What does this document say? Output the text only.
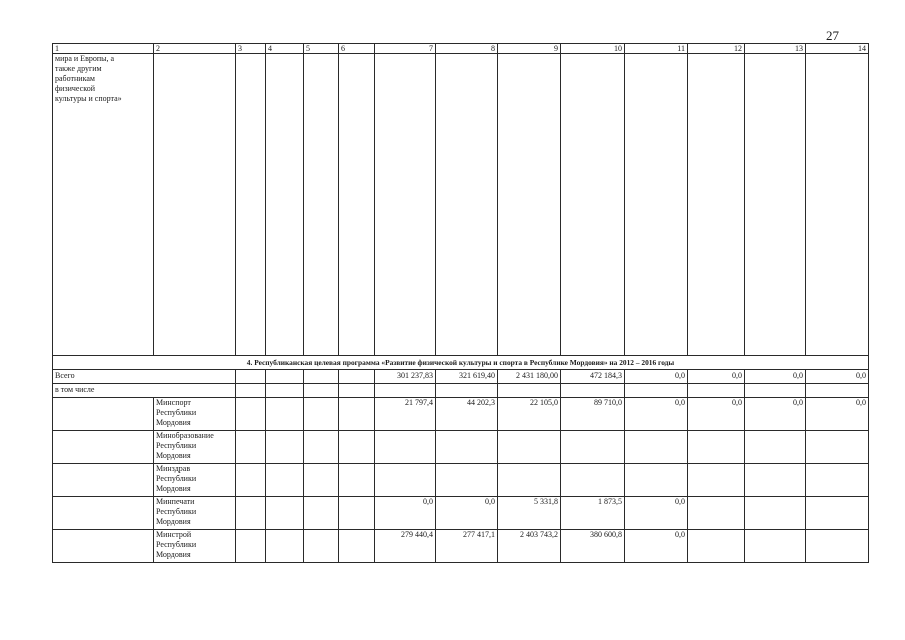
27
1	2	3	4	5	6	7	8	9	10	11	12	13	14
мира и Европы, а
также другим
работникам
физической
культуры и спорта»													
4. Республиканская целевая программа «Развитие физической культуры и спорта в Республике Мордовия» на 2012 – 2016 годы													
Всего						301 237,83	321 619,40	2 431 180,00	472 184,3	0,0	0,0	0,0	0,0
в том числе													
	Минспорт
Республики
Мордовия					21 797,4	44 202,3	22 105,0	89 710,0	0,0	0,0	0,0	0,0
	Минобразование
Республики
Мордовия												
	Минздрав
Республики
Мордовия												
	Минпечати
Республики
Мордовия					0,0	0,0	5 331,8	1 873,5	0,0			
	Минстрой
Республики
Мордовия					279 440,4	277 417,1	2 403 743,2	380 600,8	0,0			
